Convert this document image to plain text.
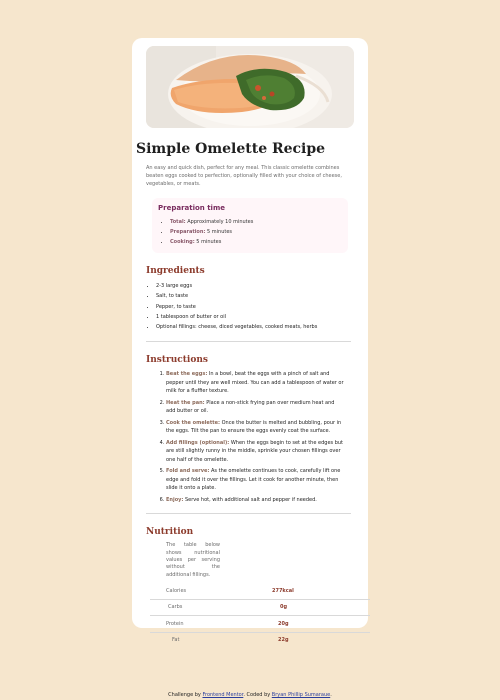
Simple Omelette Recipe

An easy and quick dish, perfect for any meal. This classic omelette combines beaten eggs cooked to perfection, optionally filled with your choice of cheese, vegetables, or meats.

Preparation time
• Total: Approximately 10 minutes
• Preparation: 5 minutes
• Cooking: 5 minutes
Ingredients
• 2-3 large eggs
• Salt, to taste
• Pepper, to taste
• 1 tablespoon of butter or oil
• Optional fillings: cheese, diced vegetables, cooked meats, herbs
Instructions
1. Beat the eggs: In a bowl, beat the eggs with a pinch of salt and pepper until they are well mixed. You can add a tablespoon of water or milk for a fluffier texture.
2. Heat the pan: Place a non-stick frying pan over medium heat and add butter or oil.
3. Cook the omelette: Once the butter is melted and bubbling, pour in the eggs. Tilt the pan to ensure the eggs evenly coat the surface.
4. Add fillings (optional): When the eggs begin to set at the edges but are still slightly runny in the middle, sprinkle your chosen fillings over one half of the omelette.
5. Fold and serve: As the omelette continues to cook, carefully lift one edge and fold it over the fillings. Let it cook for another minute, then slide it onto a plate.
6. Enjoy: Serve hot, with additional salt and pepper if needed.
Nutrition

The table below shows nutritional values per serving without the additional fillings.

Calories	277kcal
Carbs	0g
Protein	20g
Fat	22g
Challenge by Frontend Mentor. Coded by Bryan Phillip Sumaraue.
